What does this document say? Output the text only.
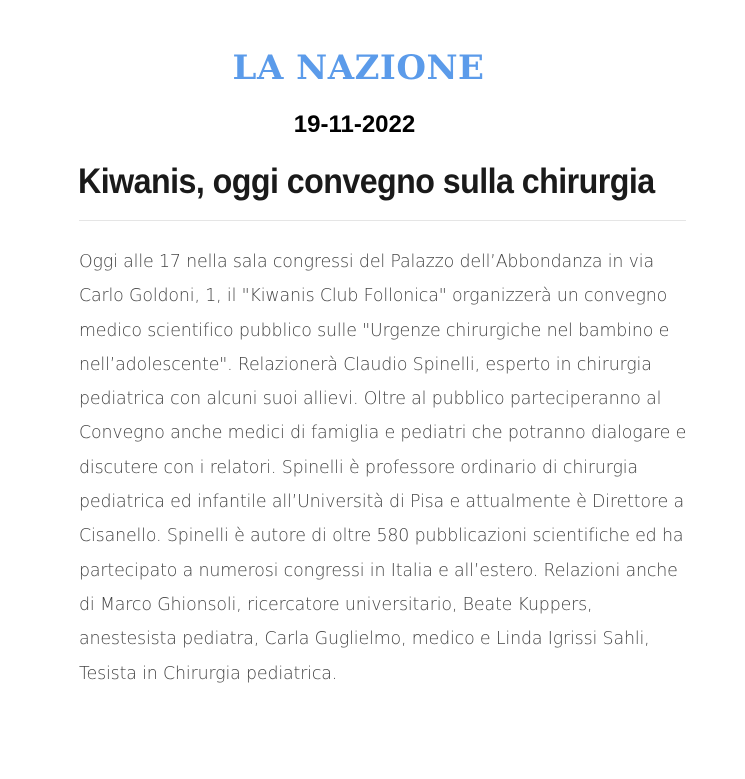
LA NAZIONE
19-11-2022
Kiwanis, oggi convegno sulla chirurgia

Oggi alle 17 nella sala congressi del Palazzo dell’Abbondanza in via Carlo Goldoni, 1, il "Kiwanis Club Follonica" organizzerà un convegno medico scientifico pubblico sulle "Urgenze chirurgiche nel bambino e nell’adolescente". Relazionerà Claudio Spinelli, esperto in chirurgia pediatrica con alcuni suoi allievi. Oltre al pubblico parteciperanno al Convegno anche medici di famiglia e pediatri che potranno dialogare e discutere con i relatori. Spinelli è professore ordinario di chirurgia pediatrica ed infantile all’Università di Pisa e attualmente è Direttore a Cisanello. Spinelli è autore di oltre 580 pubblicazioni scientifiche ed ha partecipato a numerosi congressi in Italia e all’estero. Relazioni anche di Marco Ghionsoli, ricercatore universitario, Beate Kuppers, anestesista pediatra, Carla Guglielmo, medico e Linda Igrissi Sahli, Tesista in Chirurgia pediatrica.
